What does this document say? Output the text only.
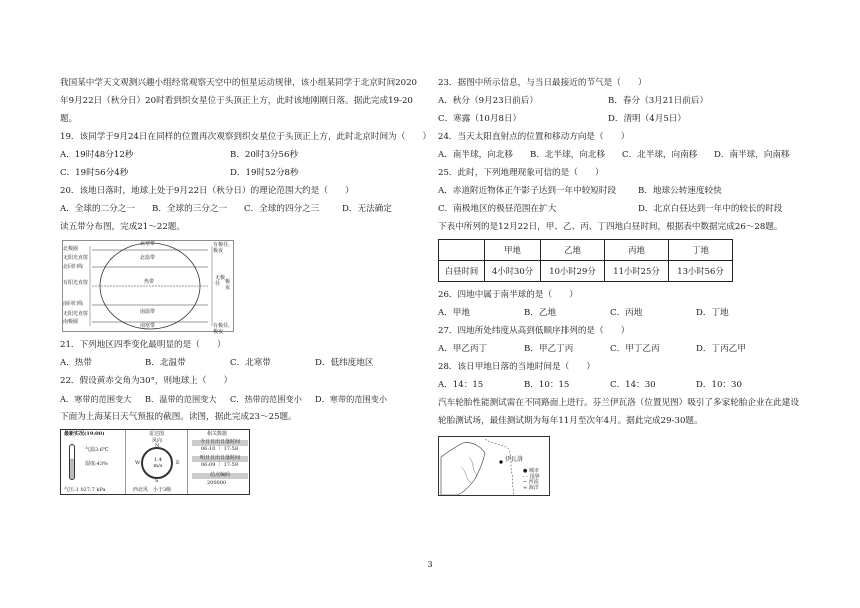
我国某中学天文观测兴趣小组经常观察天空中的恒星运动规律，该小组某同学于北京时间2020
年9月22日（秋分日）20时看到织女星位于头顶正上方，此时该地刚刚日落。据此完成19-20
题。
19．该同学于9月24日在同样的位置再次观察到织女星位于头顶正上方，此时北京时间为（　　）
A．19时48分12秒	B．20时3分56秒
C．19时56分4秒	D．19时52分8秒
20．该地日落时，地球上处于9月22日（秋分日）的理论范围大约是（　　）
A．全球的二分之一	B．全球的三分之一	C．全球的四分之三	D．无法确定
读五带分布图，完成21～22题。
北极圈
无阳光直射
北回归线
有阳光直射
南回归线
无阳光直射
南极圈
北寒带
北温带
热带
南温带
南寒带
有极昼、极夜
无极昼 极夜
有极昼、极夜
21．下列地区四季变化最明显的是（　　）
A．热带	B．北温带	C．北寒带	D．低纬度地区
22．假设黄赤交角为30°，则地球上（　　）
A．寒带的范围变大	B．温带的范围变大	C．热带的范围变小	D．寒带的范围变小
下面为上海某日天气预报的截图。读图，据此完成23～25题。
最新实况(19:00)
气温3.6℃
湿度:43%
气压:1 027.7 kPa
雷达图
风向
N
E
S
W	1.4 m/s
西北风　小于3级
相关数据
今日日出日落时间
06:10 ｜ 17:58
明日日出日落时间
06:09 ｜ 17:59
站点编码
200000
23．据图中所示信息，与当日最接近的节气是（　　）
A．秋分（9月23日前后）	B．春分（3月21日前后）
C．寒露（10月8日）	D．清明（4月5日）
24．当天太阳直射点的位置和移动方向是（　　）
A．南半球，向北移	B．北半球，向北移	C．北半球，向南移	D．南半球，向南移
25．此时，下列地理现象可信的是（　　）
A．赤道附近物体正午影子达到一年中较短时段	B．地球公转速度较快
C．南极地区的极昼范围在扩大	D．北京白昼达到一年中的较长的时段
下表中所列的是12月22日，甲、乙、丙、丁四地白昼时间，根据表中数据完成26～28题。
	甲地	乙地	丙地	丁地
白昼时间	4小时30分	10小时29分	11小时25分	13小时56分
26．四地中属于南半球的是（　　）
A．甲地	B．乙地	C．丙地	D．丁地
27．四地所处纬度从高到低顺序排列的是（　　）
A．甲乙丙丁	B．甲乙丁丙	C．甲丁乙丙	D．丁丙乙甲
28．该日甲地日落的当地时间是（　　）
A．14：15	B．10：15	C．14：30	D．10：30
汽车轮胎性能测试需在不同路面上进行。芬兰伊瓦洛（位置见图）吸引了多家轮胎企业在此建设
轮胎测试场，最佳测试期为每年11月至次年4月。据此完成29-30题。
伊瓦洛
● 城市
- - 国界
~ 河流
≈ 海洋
3
